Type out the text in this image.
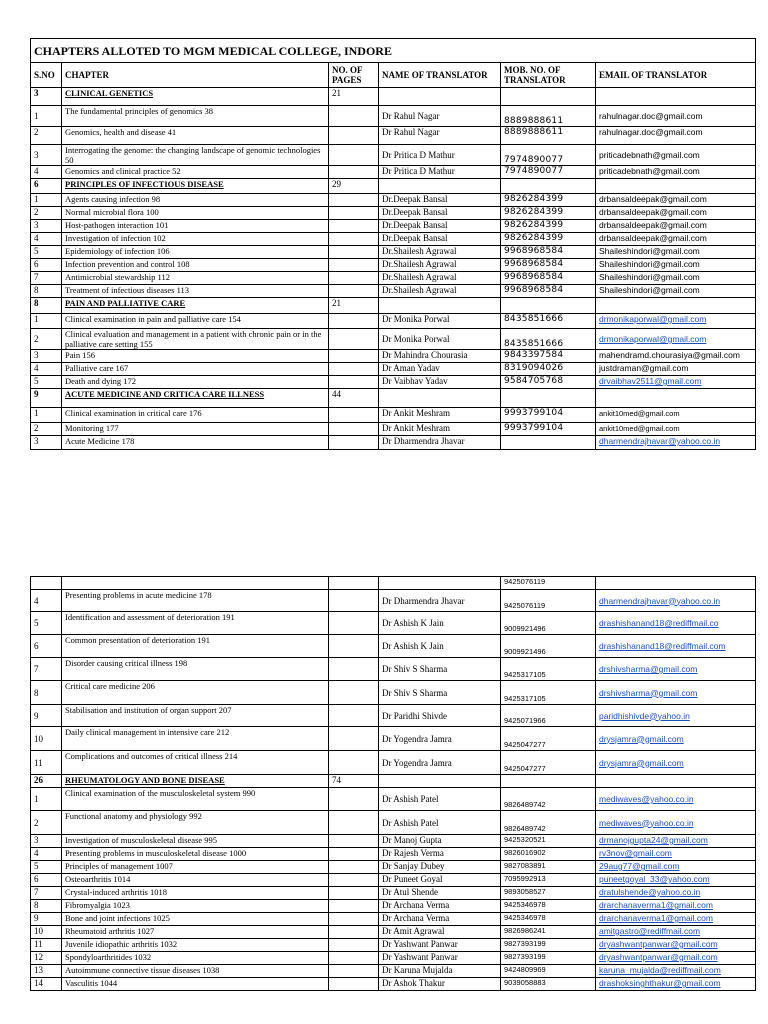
CHAPTERS ALLOTED TO MGM MEDICAL COLLEGE, INDORE					
S.NO	CHAPTER	NO. OF PAGES	NAME OF TRANSLATOR	MOB. NO. OF TRANSLATOR	EMAIL OF TRANSLATOR
3	CLINICAL GENETICS	21			
1	The fundamental principles of genomics 38		Dr Rahul Nagar	8889888611	rahulnagar.doc@gmail.com
2	Genomics, health and disease 41		Dr Rahul Nagar	8889888611	rahulnagar.doc@gmail.com
3	Interrogating the genome: the changing landscape of genomic technologies 50		Dr Pritica D Mathur	7974890077	priticadebnath@gmail.com
4	Genomics and clinical practice 52		Dr Pritica D Mathur	7974890077	priticadebnath@gmail.com
6	PRINCIPLES OF INFECTIOUS DISEASE	29			
1	Agents causing infection 98		Dr.Deepak Bansal	9826284399	drbansaldeepak@gmail.com
2	Normal microbial flora 100		Dr.Deepak Bansal	9826284399	drbansaldeepak@gmail.com
3	Host-pathogen interaction 101		Dr.Deepak Bansal	9826284399	drbansaldeepak@gmail.com
4	Investigation of infection 102		Dr.Deepak Bansal	9826284399	drbansaldeepak@gmail.com
5	Epidemiology of infection 106		Dr.Shailesh Agrawal	9968968584	Shaileshindori@gmail.com
6	Infection prevention and control 108		Dr.Shailesh Agrawal	9968968584	Shaileshindori@gmail.com
7	Antimicrobial stewardship 112		Dr.Shailesh Agrawal	9968968584	Shaileshindori@gmail.com
8	Treatment of infectious diseases 113		Dr.Shailesh Agrawal	9968968584	Shaileshindori@gmail.com
8	PAIN AND PALLIATIVE CARE	21			
1	Clinical examination in pain and palliative care 154		Dr Monika Porwal	8435851666	drmonikaporwal@gmail.com
2	Clinical evaluation and management in a patient with chronic pain or in the palliative care setting 155		Dr Monika Porwal	8435851666	drmonikaporwal@gmail.com
3	Pain 156		Dr Mahindra Chourasia	9843397584	mahendramd.chourasiya@gmail.com
4	Palliative care 167		Dr Aman Yadav	8319094026	justdraman@gmail.com
5	Death and dying 172		Dr Vaibhav Yadav	9584705768	drvaibhav2511@gmail.com
9	ACUTE MEDICINE AND CRITICA CARE ILLNESS	44			
1	Clinical examination in critical care 176		Dr Ankit Meshram	9993799104	ankit10med@gmail.com
2	Monitoring 177		Dr Ankit Meshram	9993799104	ankit10med@gmail.com
3	Acute Medicine 178		Dr Dharmendra Jhavar		dharmendrajhavar@yahoo.co.in
				9425076119	
4	Presenting problems in acute medicine 178		Dr Dharmendra Jhavar	9425076119	dharmendrajhavar@yahoo.co.in
5	Identification and assessment of deterioration 191		Dr Ashish K Jain	9009921496	drashishanand18@rediffmail.co
6	Common presentation of deterioration 191		Dr Ashish K Jain	9009921496	drashishanand18@rediffmail.com
7	Disorder causing critical illness 198		Dr Shiv S Sharma	9425317105	drshivsharma@gmail.com
8	Critical care medicine 206		Dr Shiv S Sharma	9425317105	drshivsharma@gmail.com
9	Stabilisation and institution of organ support 207		Dr Paridhi Shivde	9425071966	paridhishivde@yahoo.in
10	Daily clinical management in intensive care 212		Dr Yogendra Jamra	9425047277	drysjamra@gmail.com
11	Complications and outcomes of critical illness 214		Dr Yogendra Jamra	9425047277	drysjamra@gmail.com
26	RHEUMATOLOGY AND BONE DISEASE	74			
1	Clinical examination of the musculoskeletal system 990		Dr Ashish Patel	9826489742	mediwaves@yahoo.co.in
2	Functional anatomy and physiology 992		Dr Ashish Patel	9826489742	mediwaves@yahoo.co.in
3	Investigation of musculoskeletal disease 995		Dr Manoj Gupta	9425320521	drmanojgupta24@gmail.com
4	Presenting problems in musculoskeletal disease 1000		Dr Rajesh Verma	9826016902	rv3nov@gmail.com
5	Principles of management 1007		Dr Sanjay Dubey	9827083891	29aug77@gmail.com
6	Osteoarthritis 1014		Dr Puneet Goyal	7095992913	puneetgoyal_33@yahoo.com
7	Crystal-induced arthritis 1018		Dr Atul Shende	9893058527	dratulshende@yahoo.co.in
8	Fibromyalgia 1023		Dr Archana Verma	9425346978	drarchanaverma1@gmail.com
9	Bone and joint infections 1025		Dr Archana Verma	9425346978	drarchanaverma1@gmail.com
10	Rheumatoid arthritis 1027		Dr Amit Agrawal	9826986241	amitgastro@rediffmail.com
11	Juvenile idiopathic arthritis 1032		Dr Yashwant Panwar	9827393199	dryashwantpanwar@gmail.com
12	Spondyloarthritides 1032		Dr Yashwant Panwar	9827393199	dryashwantpanwar@gmail.com
13	Autoimmune connective tissue diseases 1038		Dr Karuna Mujalda	9424809969	karuna_mujalda@rediffmail.com
14	Vasculitis 1044		Dr Ashok Thakur	9039058883	drashoksinghthakur@gmail.com
